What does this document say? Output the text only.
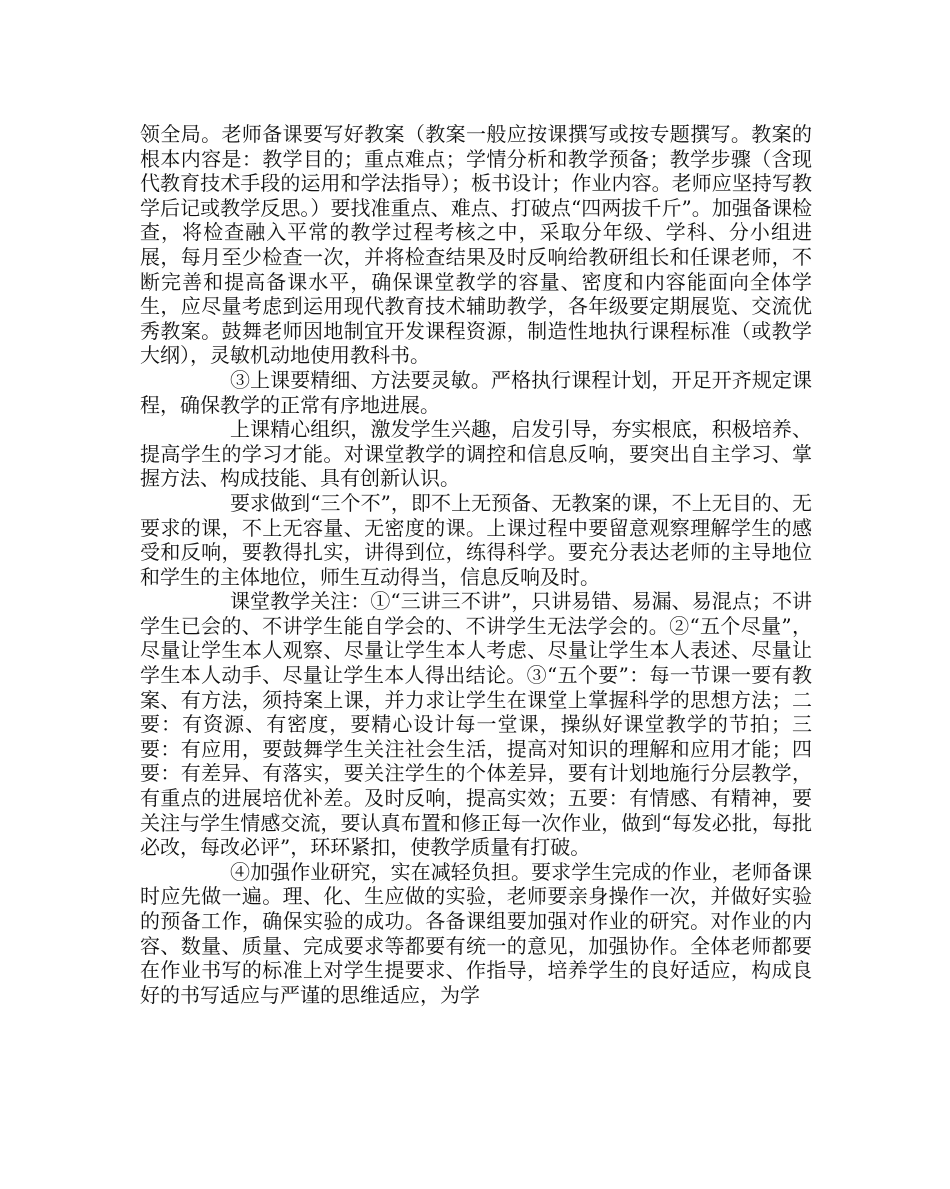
领全局。老师备课要写好教案（教案一般应按课撰写或按专题撰写。教案的根本内容是：教学目的；重点难点；学情分析和教学预备；教学步骤（含现代教育技术手段的运用和学法指导）；板书设计；作业内容。老师应坚持写教学后记或教学反思。）要找准重点、难点、打破点“四两拔千斤”。加强备课检查，将检查融入平常的教学过程考核之中，采取分年级、学科、分小组进展，每月至少检查一次，并将检查结果及时反响给教研组长和任课老师，不断完善和提高备课水平，确保课堂教学的容量、密度和内容能面向全体学生，应尽量考虑到运用现代教育技术辅助教学，各年级要定期展览、交流优秀教案。鼓舞老师因地制宜开发课程资源，制造性地执行课程标准（或教学大纲），灵敏机动地使用教科书。

③上课要精细、方法要灵敏。严格执行课程计划，开足开齐规定课程，确保教学的正常有序地进展。

上课精心组织，激发学生兴趣，启发引导，夯实根底，积极培养、提高学生的学习才能。对课堂教学的调控和信息反响，要突出自主学习、掌握方法、构成技能、具有创新认识。

要求做到“三个不”，即不上无预备、无教案的课，不上无目的、无要求的课，不上无容量、无密度的课。上课过程中要留意观察理解学生的感受和反响，要教得扎实，讲得到位，练得科学。要充分表达老师的主导地位和学生的主体地位，师生互动得当，信息反响及时。

课堂教学关注：①“三讲三不讲”，只讲易错、易漏、易混点；不讲学生已会的、不讲学生能自学会的、不讲学生无法学会的。②“五个尽量”，尽量让学生本人观察、尽量让学生本人考虑、尽量让学生本人表述、尽量让学生本人动手、尽量让学生本人得出结论。③“五个要”：每一节课一要有教案、有方法，须持案上课，并力求让学生在课堂上掌握科学的思想方法；二要：有资源、有密度，要精心设计每一堂课，操纵好课堂教学的节拍；三要：有应用，要鼓舞学生关注社会生活，提高对知识的理解和应用才能；四要：有差异、有落实，要关注学生的个体差异，要有计划地施行分层教学，有重点的进展培优补差。及时反响，提高实效；五要：有情感、有精神，要关注与学生情感交流，要认真布置和修正每一次作业，做到“每发必批，每批必改，每改必评”，环环紧扣，使教学质量有打破。

④加强作业研究，实在减轻负担。要求学生完成的作业，老师备课时应先做一遍。理、化、生应做的实验，老师要亲身操作一次，并做好实验的预备工作，确保实验的成功。各备课组要加强对作业的研究。对作业的内容、数量、质量、完成要求等都要有统一的意见，加强协作。全体老师都要在作业书写的标准上对学生提要求、作指导，培养学生的良好适应，构成良好的书写适应与严谨的思维适应，为学
